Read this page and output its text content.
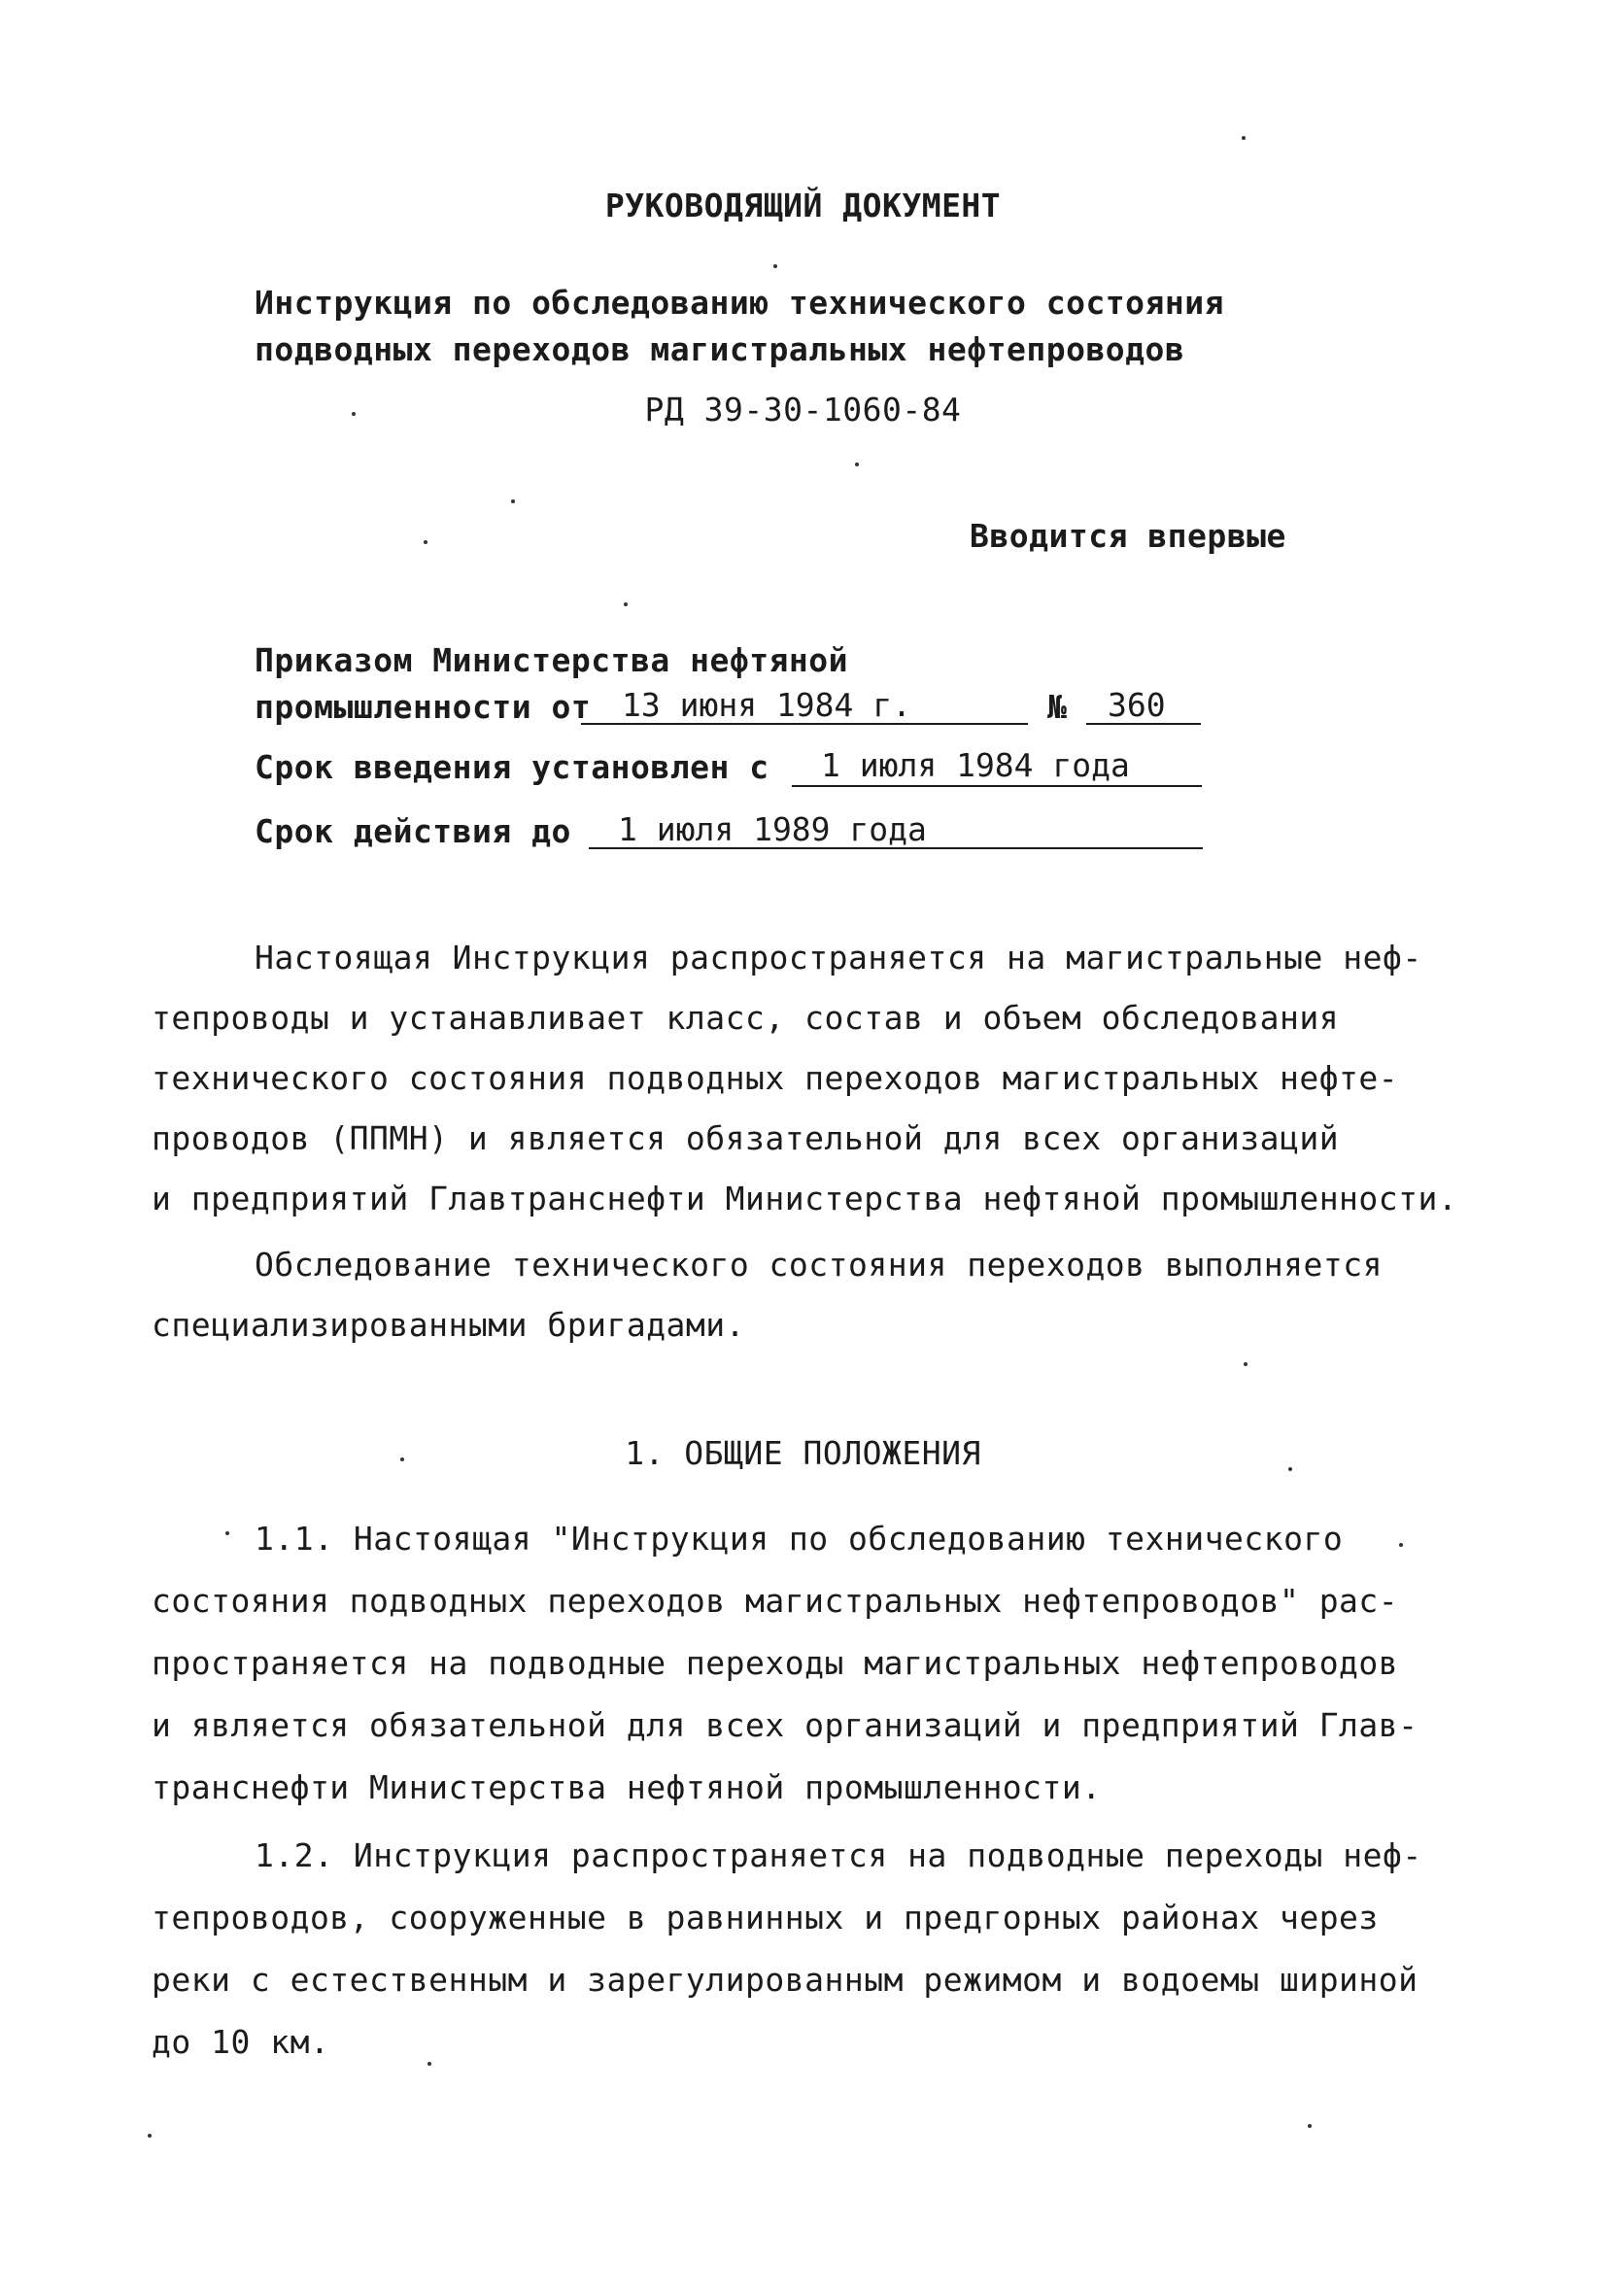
РУКОВОДЯЩИЙ ДОКУМЕНТ
Инструкция по обследованию технического состояния
подводных переходов магистральных нефтепроводов
РД 39-30-1060-84
Вводится впервые
Приказом Министерства нефтяной
промышленности от 13 июня 1984 г.	№ 360
Срок введения установлен с 1 июля 1984 года
Срок действия до 1 июля 1989 года
Настоящая Инструкция распространяется на магистральные неф-
тепроводы и устанавливает класс, состав и объем обследования
технического состояния подводных переходов магистральных нефте-
проводов (ППМН) и является обязательной для всех организаций
и предприятий Главтранснефти Министерства нефтяной промышленности.
Обследование технического состояния переходов выполняется
специализированными бригадами.
1. ОБЩИЕ ПОЛОЖЕНИЯ
1.1. Настоящая "Инструкция по обследованию технического
состояния подводных переходов магистральных нефтепроводов" рас-
пространяется на подводные переходы магистральных нефтепроводов
и является обязательной для всех организаций и предприятий Глав-
транснефти Министерства нефтяной промышленности.
1.2. Инструкция распространяется на подводные переходы неф-
тепроводов, сооруженные в равнинных и предгорных районах через
реки с естественным и зарегулированным режимом и водоемы шириной
до 10 км.
